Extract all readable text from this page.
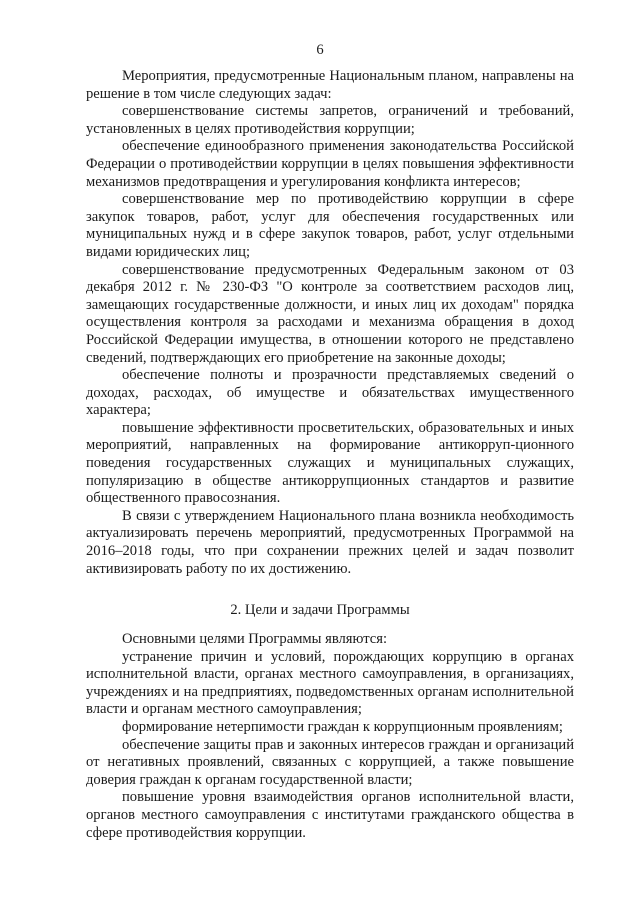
6

Мероприятия, предусмотренные Национальным планом, направлены на решение в том числе следующих задач:

совершенствование системы запретов, ограничений и требований, установленных в целях противодействия коррупции;

обеспечение единообразного применения законодательства Российской Федерации о противодействии коррупции в целях повышения эффективности механизмов предотвращения и урегулирования конфликта интересов;

совершенствование мер по противодействию коррупции в сфере закупок товаров, работ, услуг для обеспечения государственных или муниципальных нужд и в сфере закупок товаров, работ, услуг отдельными видами юридических лиц;

совершенствование предусмотренных Федеральным законом от 03 декабря 2012 г. № 230-ФЗ "О контроле за соответствием расходов лиц, замещающих государственные должности, и иных лиц их доходам" порядка осуществления контроля за расходами и механизма обращения в доход Российской Федерации имущества, в отношении которого не представлено сведений, подтверждающих его приобретение на законные доходы;

обеспечение полноты и прозрачности представляемых сведений о доходах, расходах, об имуществе и обязательствах имущественного характера;

повышение эффективности просветительских, образовательных и иных мероприятий, направленных на формирование антикорруп-ционного поведения государственных служащих и муниципальных служащих, популяризацию в обществе антикоррупционных стандартов и развитие общественного правосознания.

В связи с утверждением Национального плана возникла необходимость актуализировать перечень мероприятий, предусмотренных Программой на 2016–2018 годы, что при сохранении прежних целей и задач позволит активизировать работу по их достижению.

2. Цели и задачи Программы

Основными целями Программы являются:

устранение причин и условий, порождающих коррупцию в органах исполнительной власти, органах местного самоуправления, в организациях, учреждениях и на предприятиях, подведомственных органам исполнительной власти и органам местного самоуправления;

формирование нетерпимости граждан к коррупционным проявлениям;

обеспечение защиты прав и законных интересов граждан и организаций от негативных проявлений, связанных с коррупцией, а также повышение доверия граждан к органам государственной власти;

повышение уровня взаимодействия органов исполнительной власти, органов местного самоуправления с институтами гражданского общества в сфере противодействия коррупции.
